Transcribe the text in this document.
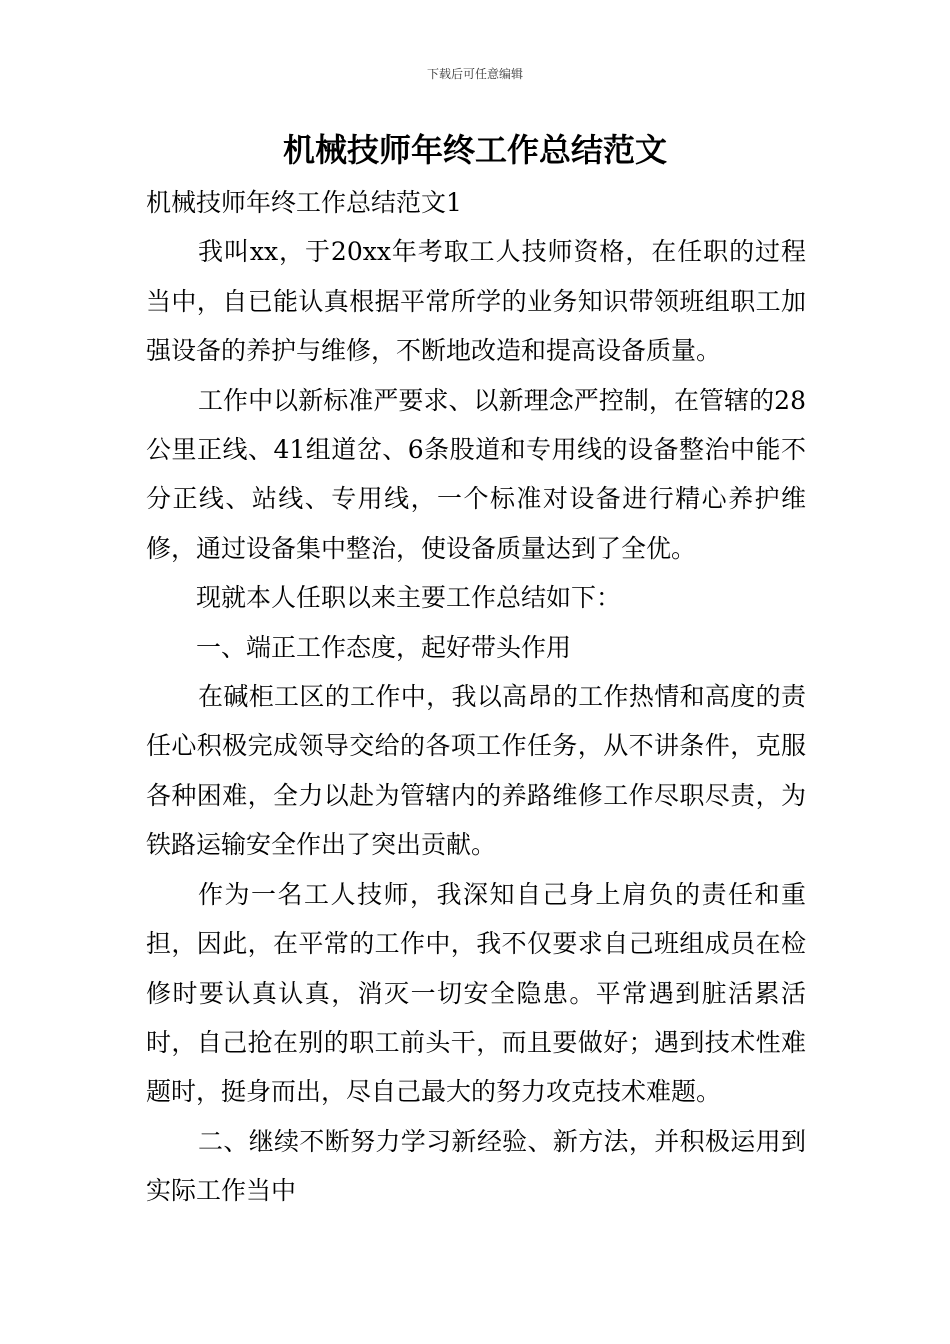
下载后可任意编辑
机械技师年终工作总结范文

机械技师年终工作总结范文1

我叫xx，于20xx年考取工人技师资格，在任职的过程当中，自已能认真根据平常所学的业务知识带领班组职工加强设备的养护与维修，不断地改造和提高设备质量。

工作中以新标准严要求、以新理念严控制，在管辖的28公里正线、41组道岔、6条股道和专用线的设备整治中能不分正线、站线、专用线，一个标准对设备进行精心养护维修，通过设备集中整治，使设备质量达到了全优。

现就本人任职以来主要工作总结如下：

一、端正工作态度，起好带头作用

在碱柜工区的工作中，我以高昂的工作热情和高度的责任心积极完成领导交给的各项工作任务，从不讲条件，克服各种困难，全力以赴为管辖内的养路维修工作尽职尽责，为铁路运输安全作出了突出贡献。

作为一名工人技师，我深知自己身上肩负的责任和重担，因此，在平常的工作中，我不仅要求自己班组成员在检修时要认真认真，消灭一切安全隐患。平常遇到脏活累活时，自己抢在别的职工前头干，而且要做好；遇到技术性难题时，挺身而出，尽自己最大的努力攻克技术难题。

二、继续不断努力学习新经验、新方法，并积极运用到实际工作当中
